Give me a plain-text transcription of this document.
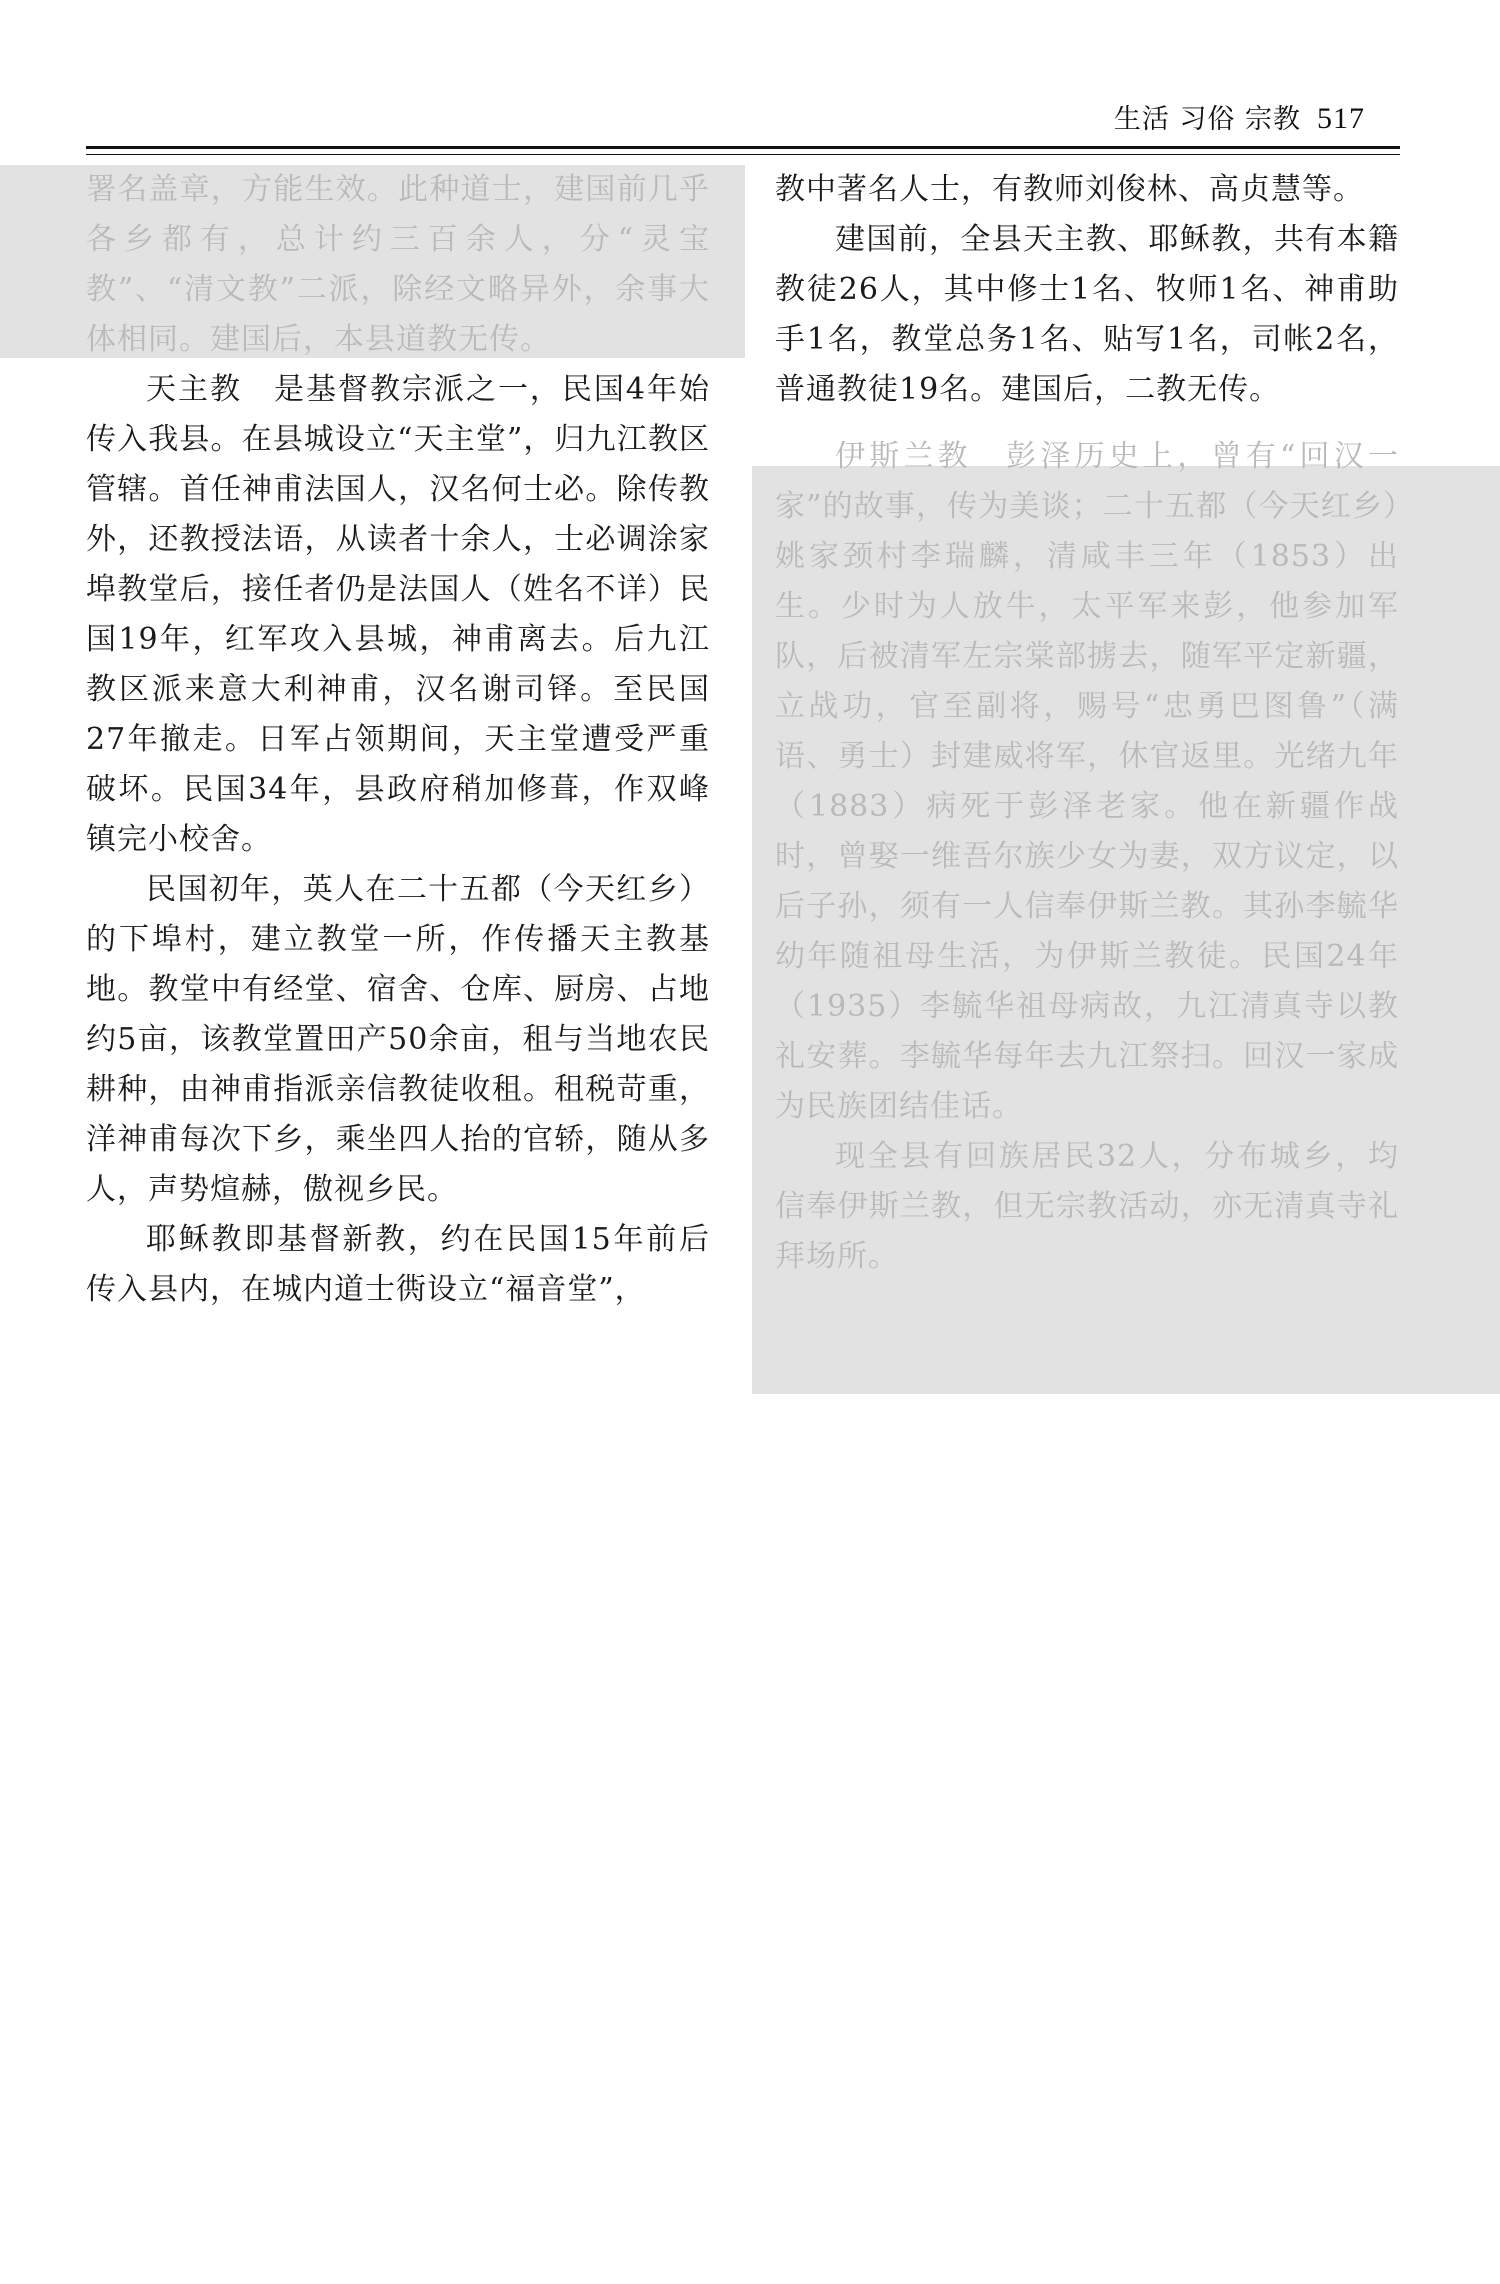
生活 习俗 宗教 517

署名盖章，方能生效。此种道士，建国前几乎各乡都有，总计约三百余人，分“灵宝教”、“清文教”二派，除经文略异外，余事大体相同。建国后，本县道教无传。

天主教　是基督教宗派之一，民国4年始传入我县。在县城设立“天主堂”，归九江教区管辖。首任神甫法国人，汉名何士必。除传教外，还教授法语，从读者十余人，士必调涂家埠教堂后，接任者仍是法国人（姓名不详）民国19年，红军攻入县城，神甫离去。后九江教区派来意大利神甫，汉名谢司铎。至民国27年撤走。日军占领期间，天主堂遭受严重破坏。民国34年，县政府稍加修葺，作双峰镇完小校舍。

民国初年，英人在二十五都（今天红乡）的下埠村，建立教堂一所，作传播天主教基地。教堂中有经堂、宿舍、仓库、厨房、占地约5亩，该教堂置田产50余亩，租与当地农民耕种，由神甫指派亲信教徒收租。租税苛重，洋神甫每次下乡，乘坐四人抬的官轿，随从多人，声势煊赫，傲视乡民。

耶稣教即基督新教，约在民国15年前后传入县内，在城内道士衖设立“福音堂”，

教中著名人士，有教师刘俊林、高贞慧等。

建国前，全县天主教、耶稣教，共有本籍教徒26人，其中修士1名、牧师1名、神甫助手1名，教堂总务1名、贴写1名，司帐2名，普通教徒19名。建国后，二教无传。

伊斯兰教　彭泽历史上，曾有“回汉一家”的故事，传为美谈；二十五都（今天红乡）姚家颈村李瑞麟，清咸丰三年（1853）出生。少时为人放牛，太平军来彭，他参加军队，后被清军左宗棠部掳去，随军平定新疆，立战功，官至副将，赐号“忠勇巴图鲁”（满语、勇士）封建威将军，休官返里。光绪九年（1883）病死于彭泽老家。他在新疆作战时，曾娶一维吾尔族少女为妻，双方议定，以后子孙，须有一人信奉伊斯兰教。其孙李毓华幼年随祖母生活，为伊斯兰教徒。民国24年（1935）李毓华祖母病故，九江清真寺以教礼安葬。李毓华每年去九江祭扫。回汉一家成为民族团结佳话。

现全县有回族居民32人，分布城乡，均信奉伊斯兰教，但无宗教活动，亦无清真寺礼拜场所。
